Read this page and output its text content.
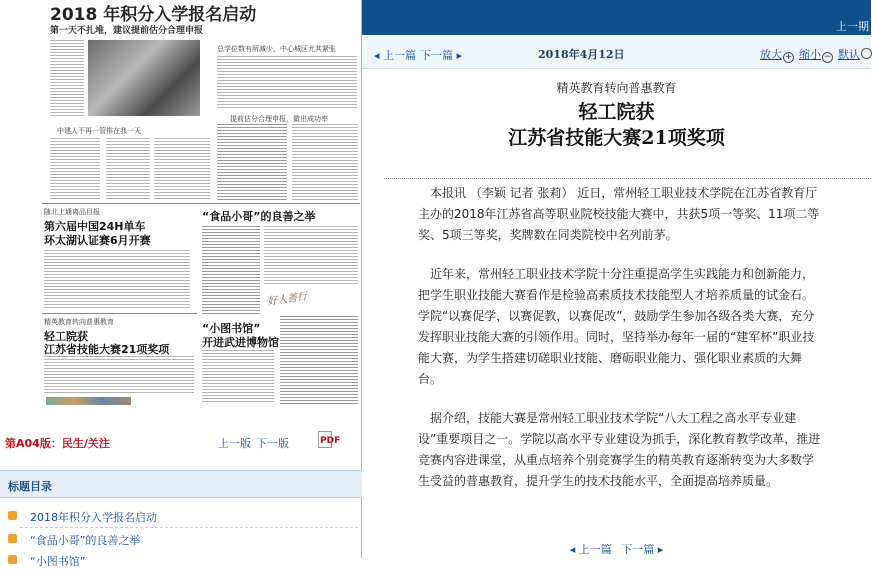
2018 年积分入学报名启动
第一天不扎堆，建议提前估分合理申报
总学位数有所减少，中心城区尤其紧张
提前估分合理申报，做出成功率
中建人不再一管排在我一天
随北上通离品目报
第六届中国24H单车
环太湖认证赛6月开赛
“食品小哥”的良善之举
好人善行
精英教育转向普惠教育
轻工院获
江苏省技能大赛21项奖项
“小图书馆”
开进武进博物馆
第A04版：民生/关注	上一版 下一版	PDF
标题目录
2018年积分入学报名启动
“食品小哥”的良善之举
“小图书馆”
上一期
◂ 上一篇 下一篇 ▸	2018年4月12日	放大 + 缩小 − 默认
精英教育转向普惠教育
轻工院获
江苏省技能大赛21项奖项

本报讯 （李颖 记者 张莉） 近日，常州轻工职业技术学院在江苏省教育厅主办的2018年江苏省高等职业院校技能大赛中，共获5项一等奖、11项二等奖、5项三等奖，奖牌数在同类院校中名列前茅。

近年来，常州轻工职业技术学院十分注重提高学生实践能力和创新能力，把学生职业技能大赛看作是检验高素质技术技能型人才培养质量的试金石。学院“以赛促学，以赛促教，以赛促改”，鼓励学生参加各级各类大赛，充分发挥职业技能大赛的引领作用。同时，坚持举办每年一届的“建军杯”职业技能大赛，为学生搭建切磋职业技能、磨砺职业能力、强化职业素质的大舞台。

据介绍，技能大赛是常州轻工职业技术学院“八大工程之高水平专业建设”重要项目之一。学院以高水平专业建设为抓手，深化教育教学改革，推进竞赛内容进课堂，从重点培养个别竞赛学生的精英教育逐渐转变为大多数学生受益的普惠教育，提升学生的技术技能水平，全面提高培养质量。

◂ 上一篇 下一篇 ▸
